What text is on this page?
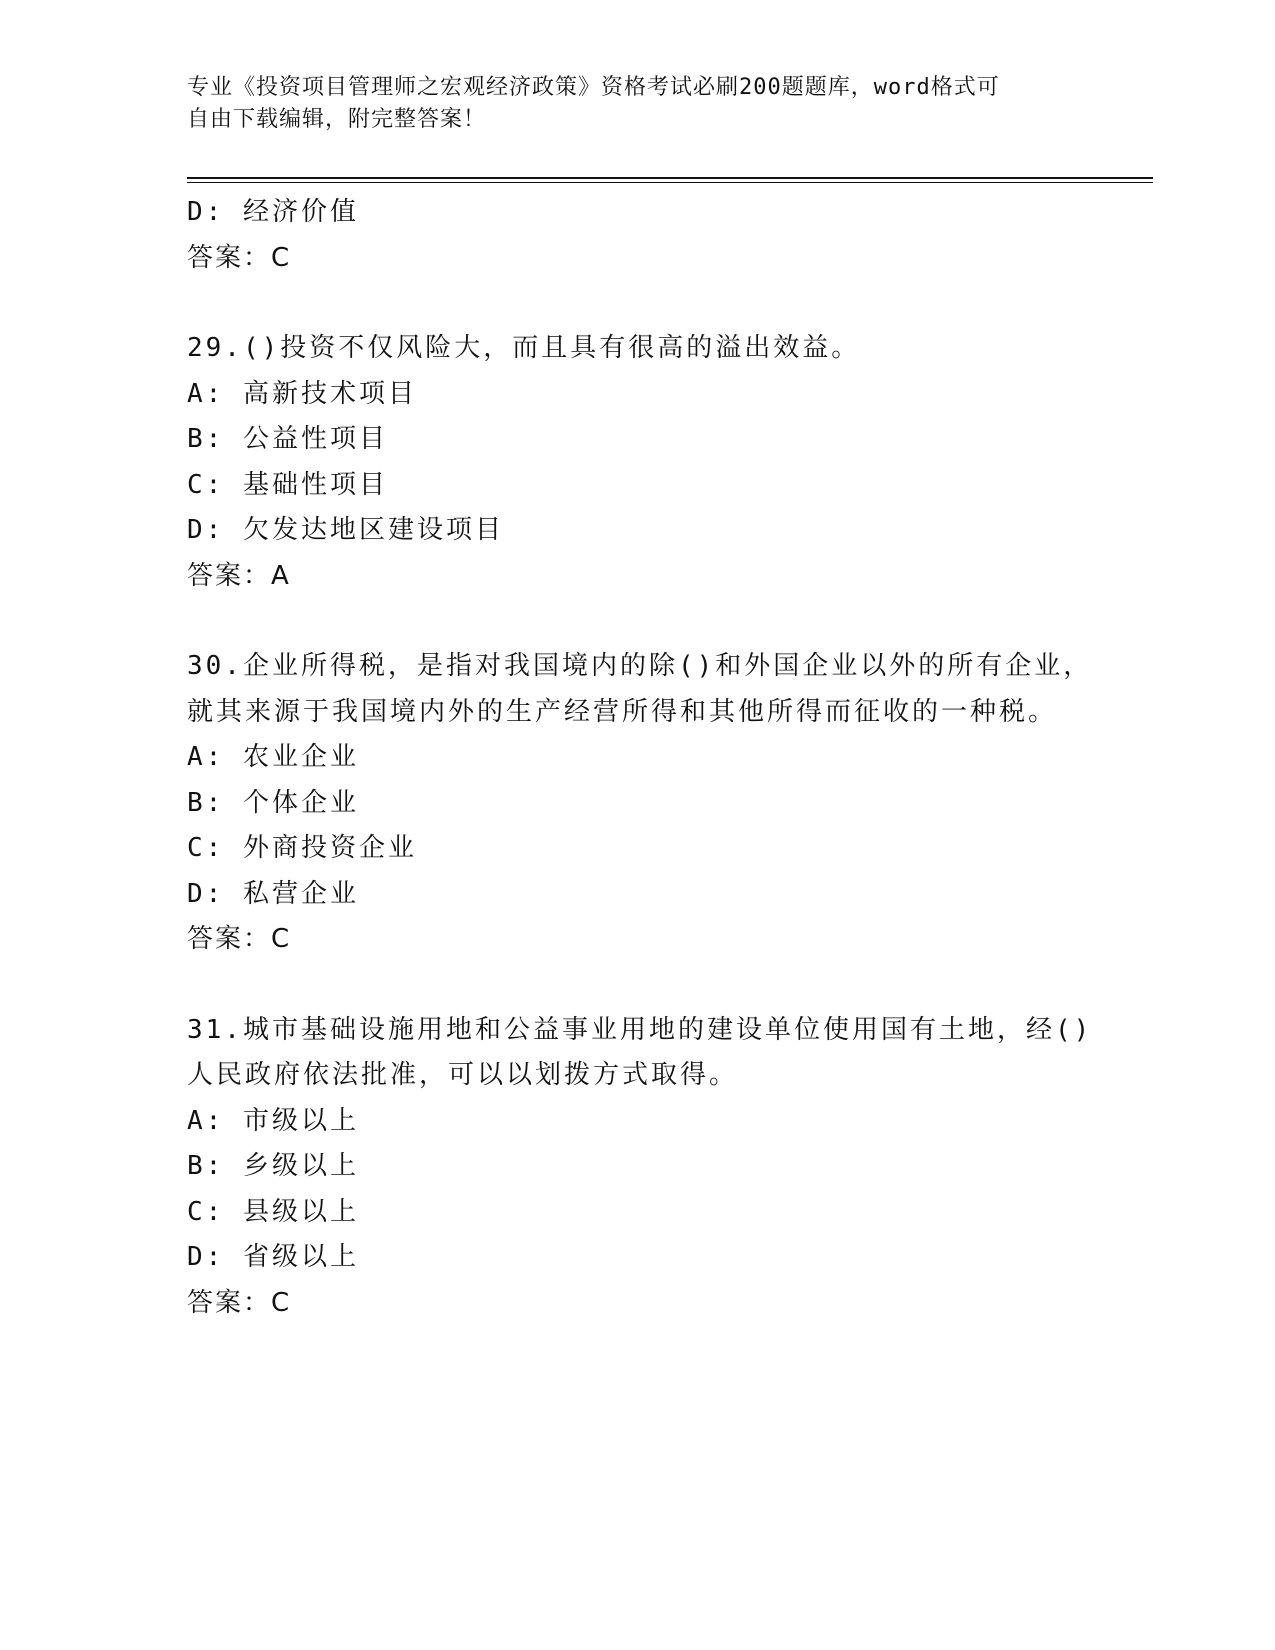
专业《投资项目管理师之宏观经济政策》资格考试必刷200题题库，word格式可
自由下载编辑，附完整答案！
D: 经济价值
答案：C
29.()投资不仅风险大，而且具有很高的溢出效益。
A: 高新技术项目
B: 公益性项目
C: 基础性项目
D: 欠发达地区建设项目
答案：A
30.企业所得税，是指对我国境内的除()和外国企业以外的所有企业，
就其来源于我国境内外的生产经营所得和其他所得而征收的一种税。
A: 农业企业
B: 个体企业
C: 外商投资企业
D: 私营企业
答案：C
31.城市基础设施用地和公益事业用地的建设单位使用国有土地，经()
人民政府依法批准，可以以划拨方式取得。
A: 市级以上
B: 乡级以上
C: 县级以上
D: 省级以上
答案：C
